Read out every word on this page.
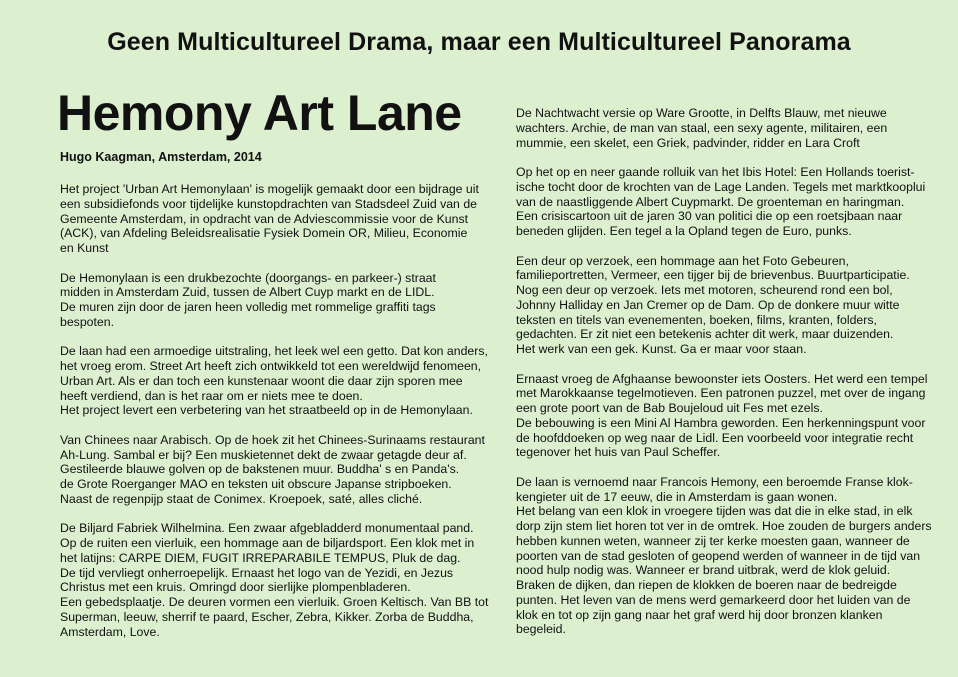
Geen Multicultureel Drama, maar een Multicultureel Panorama
Hemony Art Lane
Hugo Kaagman, Amsterdam, 2014
Het project 'Urban Art Hemonylaan' is mogelijk gemaakt door een bijdrage uit
een subsidiefonds voor tijdelijke kunstopdrachten van Stadsdeel Zuid van de
Gemeente Amsterdam, in opdracht van de Adviescommissie voor de Kunst
(ACK), van Afdeling Beleidsrealisatie Fysiek Domein OR, Milieu, Economie
en Kunst
De Hemonylaan is een drukbezochte (doorgangs- en parkeer-) straat
midden in Amsterdam Zuid, tussen de Albert Cuyp markt en de LIDL.
De muren zijn door de jaren heen volledig met rommelige graffiti tags
bespoten.
De laan had een armoedige uitstraling, het leek wel een getto. Dat kon anders,
het vroeg erom. Street Art heeft zich ontwikkeld tot een wereldwijd fenomeen,
Urban Art. Als er dan toch een kunstenaar woont die daar zijn sporen mee
heeft verdiend, dan is het raar om er niets mee te doen.
Het project levert een verbetering van het straatbeeld op in de Hemonylaan.
Van Chinees naar Arabisch. Op de hoek zit het Chinees-Surinaams restaurant
Ah-Lung. Sambal er bij? Een muskietennet dekt de zwaar getagde deur af.
Gestileerde blauwe golven op de bakstenen muur. Buddha' s en Panda's.
de Grote Roerganger MAO en teksten uit obscure Japanse stripboeken.
Naast de regenpijp staat de Conimex. Kroepoek, saté, alles cliché.
De Biljard Fabriek Wilhelmina. Een zwaar afgebladderd monumentaal pand.
Op de ruiten een vierluik, een hommage aan de biljardsport. Een klok met in
het latijns: CARPE DIEM, FUGIT IRREPARABILE TEMPUS, Pluk de dag.
De tijd vervliegt onherroepelijk. Ernaast het logo van de Yezidi, en Jezus
Christus met een kruis. Omringd door sierlijke plompenbladeren.
Een gebedsplaatje. De deuren vormen een vierluik. Groen Keltisch. Van BB tot
Superman, leeuw, sherrif te paard, Escher, Zebra, Kikker. Zorba de Buddha,
Amsterdam, Love.
De Nachtwacht versie op Ware Grootte, in Delfts Blauw, met nieuwe
wachters. Archie, de man van staal, een sexy agente, militairen, een
mummie, een skelet, een Griek, padvinder, ridder en Lara Croft
Op het op en neer gaande rolluik van het Ibis Hotel: Een Hollands toerist-
ische tocht door de krochten van de Lage Landen. Tegels met marktkooplui
van de naastliggende Albert Cuypmarkt. De groenteman en haringman.
Een crisiscartoon uit de jaren 30 van politici die op een roetsjbaan naar
beneden glijden. Een tegel a la Opland tegen de Euro, punks.
Een deur op verzoek, een hommage aan het Foto Gebeuren,
familieportretten, Vermeer, een tijger bij de brievenbus. Buurtparticipatie.
Nog een deur op verzoek. Iets met motoren, scheurend rond een bol,
Johnny Halliday en Jan Cremer op de Dam. Op de donkere muur witte
teksten en titels van evenementen, boeken, films, kranten, folders,
gedachten. Er zit niet een betekenis achter dit werk, maar duizenden.
Het werk van een gek. Kunst. Ga er maar voor staan.
Ernaast vroeg de Afghaanse bewoonster iets Oosters. Het werd een tempel
met Marokkaanse tegelmotieven. Een patronen puzzel, met over de ingang
een grote poort van de Bab Boujeloud uit Fes met ezels.
De bebouwing is een Mini Al Hambra geworden. Een herkenningspunt voor
de hoofddoeken op weg naar de Lidl. Een voorbeeld voor integratie recht
tegenover het huis van Paul Scheffer.
De laan is vernoemd naar Francois Hemony, een beroemde Franse klok-
kengieter uit de 17 eeuw, die in Amsterdam is gaan wonen.
Het belang van een klok in vroegere tijden was dat die in elke stad, in elk
dorp zijn stem liet horen tot ver in de omtrek. Hoe zouden de burgers anders
hebben kunnen weten, wanneer zij ter kerke moesten gaan, wanneer de
poorten van de stad gesloten of geopend werden of wanneer in de tijd van
nood hulp nodig was. Wanneer er brand uitbrak, werd de klok geluid.
Braken de dijken, dan riepen de klokken de boeren naar de bedreigde
punten. Het leven van de mens werd gemarkeerd door het luiden van de
klok en tot op zijn gang naar het graf werd hij door bronzen klanken
begeleid.
